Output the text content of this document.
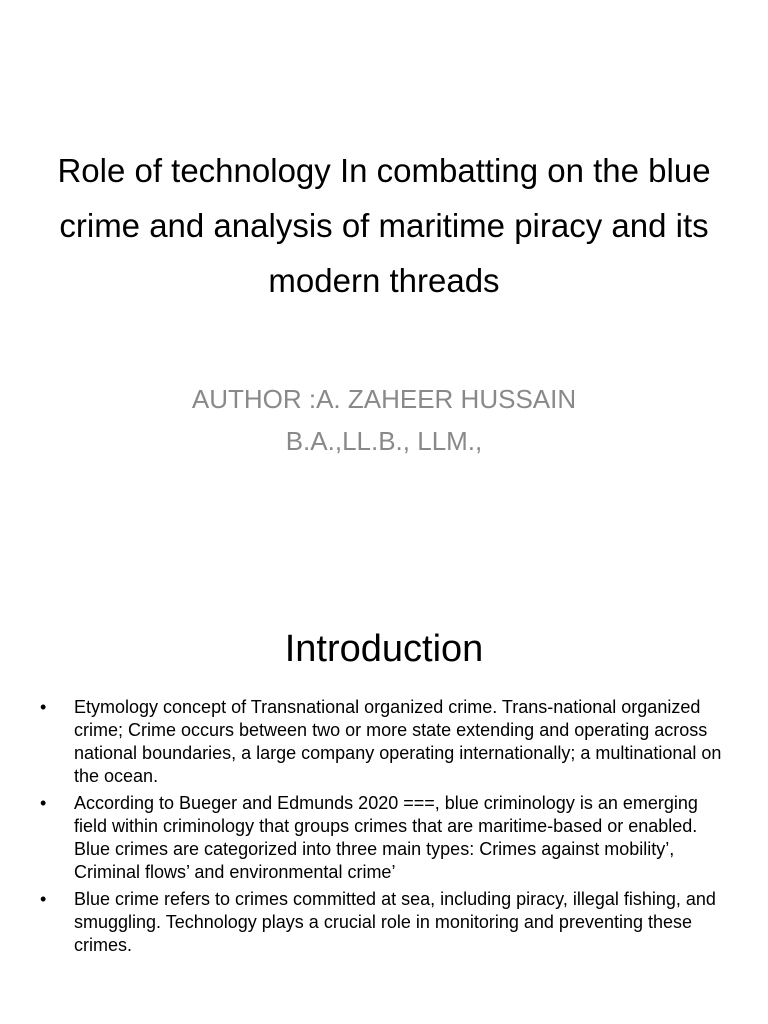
Role of technology In combatting on the blue crime and analysis of maritime piracy and its modern threads
AUTHOR :A. ZAHEER HUSSAIN
B.A.,LL.B., LLM.,
Introduction
•	Etymology concept of Transnational organized crime. Trans-national organized crime; Crime occurs between two or more state extending and operating across national boundaries, a large company operating internationally; a multinational on the ocean.
•	According to Bueger and Edmunds 2020 ===, blue criminology is an emerging field within criminology that groups crimes that are maritime-based or enabled. Blue crimes are categorized into three main types: Crimes against mobility’, Criminal flows’ and environmental crime’
•	Blue crime refers to crimes committed at sea, including piracy, illegal fishing, and smuggling. Technology plays a crucial role in monitoring and preventing these crimes.
